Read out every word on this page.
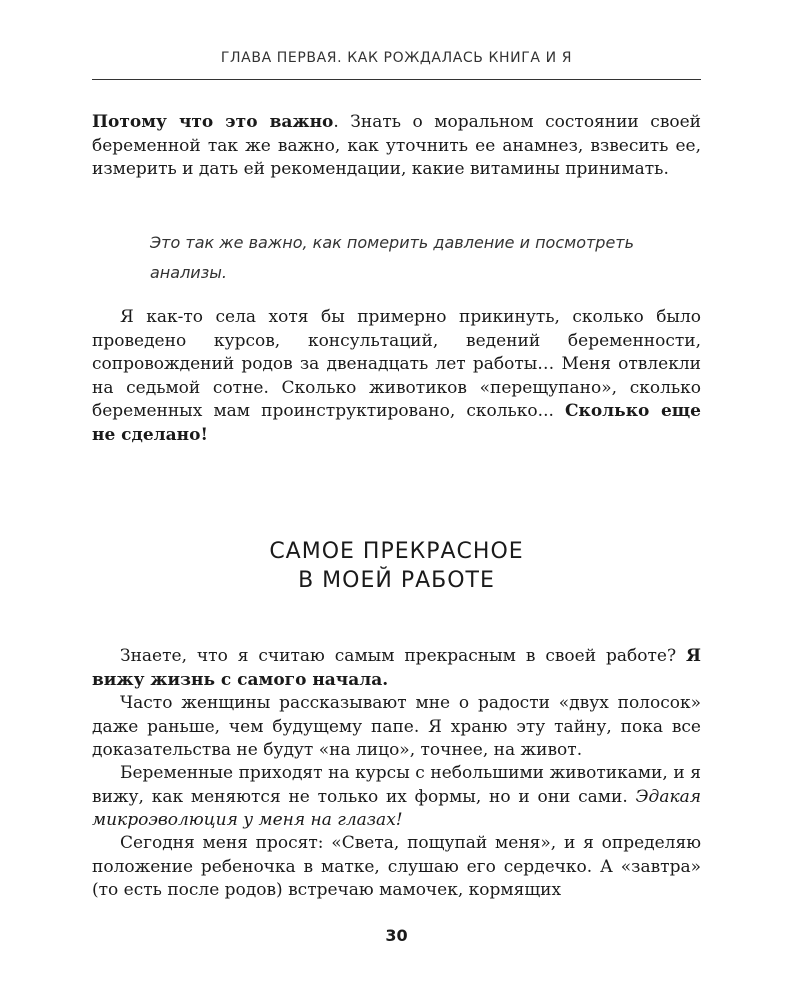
ГЛАВА ПЕРВАЯ. КАК РОЖДАЛАСЬ КНИГА И Я

Потому что это важно. Знать о моральном состоянии своей беременной так же важно, как уточнить ее анамнез, взвесить ее, измерить и дать ей рекомендации, какие витамины принимать.

Это так же важно, как померить давление и посмотреть анализы.

Я как-то села хотя бы примерно прикинуть, сколько было проведено курсов, консультаций, ведений беременности, сопровождений родов за двенадцать лет работы… Меня отвлекли на седьмой сотне. Сколько животиков «перещупано», сколько беременных мам проинструктировано, сколько... Сколько еще не сделано!

САМОЕ ПРЕКРАСНОЕ
В МОЕЙ РАБОТЕ

Знаете, что я считаю самым прекрасным в своей работе? Я вижу жизнь с самого начала.

Часто женщины рассказывают мне о радости «двух полосок» даже раньше, чем будущему папе. Я храню эту тайну, пока все доказательства не будут «на лицо», точнее, на живот.

Беременные приходят на курсы с небольшими животиками, и я вижу, как меняются не только их формы, но и они сами. Эдакая микроэволюция у меня на глазах!

Сегодня меня просят: «Света, пощупай меня», и я определяю положение ребеночка в матке, слушаю его сердечко. А «завтра» (то есть после родов) встречаю мамочек, кормящих

30
